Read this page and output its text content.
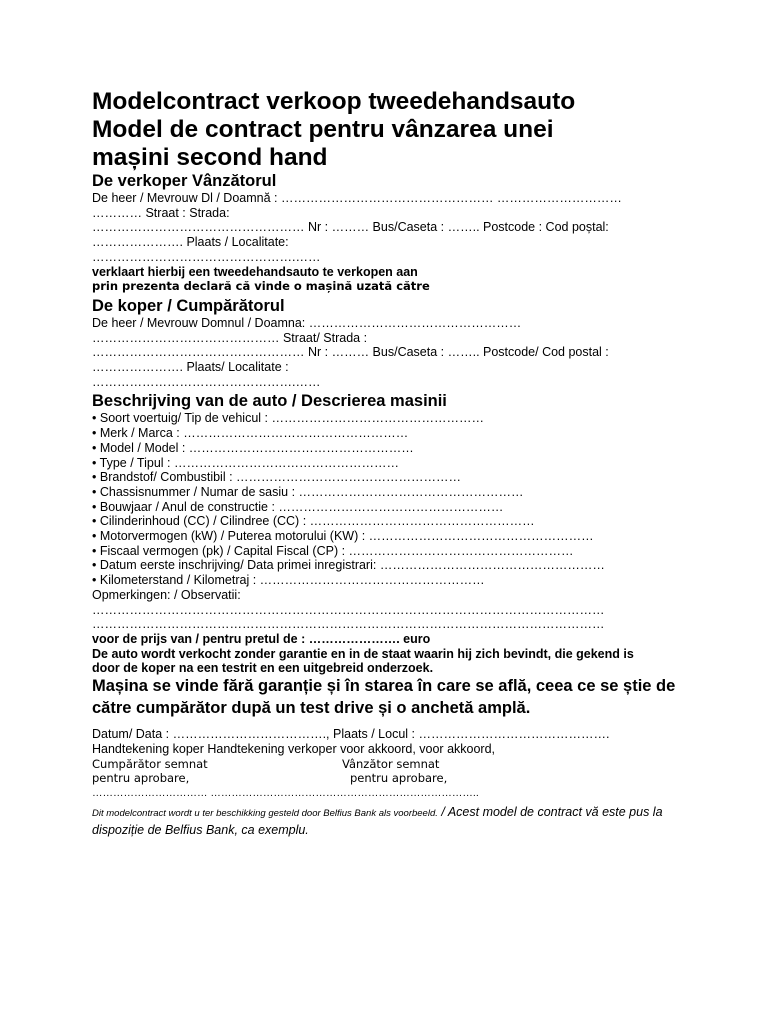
Modelcontract verkoop tweedehandsauto

Model de contract pentru vânzarea unei

mașini second hand

De verkoper Vânzătorul

De heer / Mevrouw Dl / Doamnă : …………………………………………… …………………………

………… Straat : Strada:

…………………………………………… Nr : ……… Bus/Caseta : …….. Postcode : Cod poștal:

…………………. Plaats / Localitate:

………………………………………….……

verklaart hierbij een tweedehandsauto te verkopen aan

prin prezenta declară că vinde o mașină uzată către

De koper / Cumpărătorul

De heer / Mevrouw Domnul / Doamna: ……………………………………………

……………………………………… Straat/ Strada :

…………………………………………… Nr : ……… Bus/Caseta : …….. Postcode/ Cod postal :

…………………. Plaats/ Localitate :

………………………………………….……

Beschrijving van de auto / Descrierea masinii

• Soort voertuig/ Tip de vehicul : ……………………………………………
• Merk / Marca : ………………………………………………
• Model / Model : ………………………………………………
• Type / Tipul : ………………………………………………
• Brandstof/ Combustibil : ………………………………………………
• Chassisnummer / Numar de sasiu : ………………………………………………
• Bouwjaar / Anul de constructie : ………………………………………………
• Cilinderinhoud (CC) / Cilindree (CC) : ………………………………………………
• Motorvermogen (kW) / Puterea motorului (KW) : ………………………………………………
• Fiscaal vermogen (pk) / Capital Fiscal (CP) : ………………………………………………
• Datum eerste inschrijving/ Data primei inregistrari: ………………………………………………
• Kilometerstand / Kilometraj : ………………………………………………

Opmerkingen: / Observatii:

……………………………………………………………………………………………………………

……………………………………………………………………………………………………………

voor de prijs van / pentru pretul de : …………………. euro

De auto wordt verkocht zonder garantie en in de staat waarin hij zich bevindt, die gekend is

door de koper na een testrit en een uitgebreid onderzoek.

Mașina se vinde fără garanție și în starea în care se află, ceea ce se știe de către cumpărător după un test drive și o anchetă amplă.

Datum/ Data : ………………………………., Plaats / Locul : ……………………………………….

Handtekening koper Handtekening verkoper voor akkoord, voor akkoord,

Cumpărător semnat	Vânzător semnat

pentru aprobare,	pentru aprobare,

…………………………… …………………………………………………………………..

Dit modelcontract wordt u ter beschikking gesteld door Belfius Bank als voorbeeld. / Acest model de contract vă este pus la dispoziție de Belfius Bank, ca exemplu.
